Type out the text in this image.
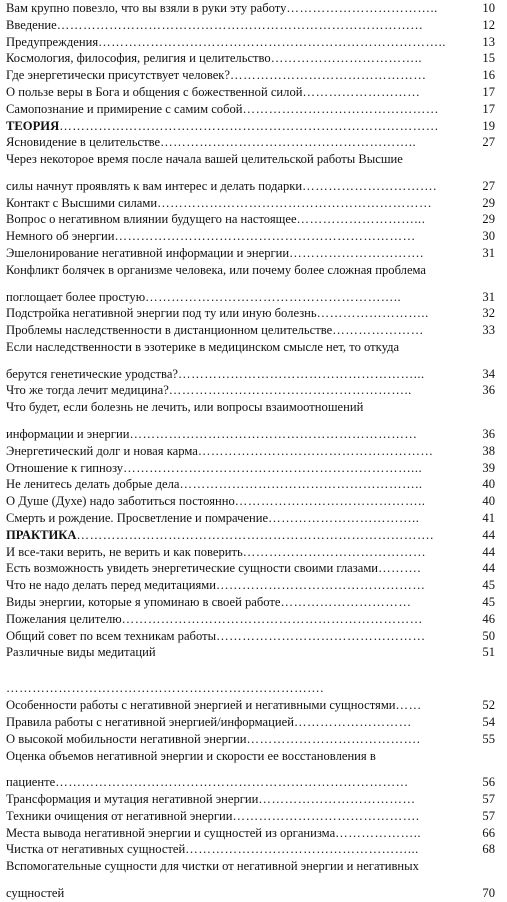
Вам крупно повезло, что вы взяли в руки эту работу ……………………………..	10
Введение …………………………………………………………………………	12
Предупреждения ……………………………………………………………………..	13
Космология, философия, религия и целительство ……………………………..	15
Где энергетически присутствует человек? ………………………………………	16
О пользе веры в Бога и общения с божественной силой ………………………	17
Самопознание и примирение с самим собой ………………………………………	17
ТЕОРИЯ ……………………………………………………………………………	19
Ясновидение в целительстве …………………………………………………..	27
Через некоторое время после начала вашей целительской работы Высшие
силы начнут проявлять к вам интерес и делать подарки ………………………….	27
Контакт с Высшими силами ………………………………………………………	29
Вопрос о негативном влиянии будущего на настоящее ………………………...	29
Немного об энергии ……………………………………………………………	30
Эшелонирование негативной информации и энергии ………………………….	31
Конфликт болячек в организме человека, или почему более сложная проблема
поглощает более простую …………………………………………………..	31
Подстройка негативной энергии под ту или иную болезнь ……………………..	32
Проблемы наследственности в дистанционном целительстве …………………	33
Если наследственности в эзотерике в медицинском смысле нет, то откуда
берутся генетические уродства? ………………………………………………...	34
Что же тогда лечит медицина? ………………………………………………..	36
Что будет, если болезнь не лечить, или вопросы взаимоотношений
информации и энергии …………………………………………………………	36
Энергетический долг и новая карма ………………………………………………	38
Отношение к гипнозу …………………………………………………………...	39
Не ленитесь делать добрые дела ………………………………………………..	40
О Душе (Духе) надо заботиться постоянно ……………………………………..	40
Смерть и рождение. Просветление и помрачение ……………………………..	41
ПРАКТИКА ……………………………………………………………………….	44
И все-таки верить, не верить и как поверить ……………………………………	44
Есть возможность увидеть энергетические сущности своими глазами ……….	44
Что не надо делать перед медитациями …………………………………………	45
Виды энергии, которые я упоминаю в своей работе …………………………	45
Пожелания целителю ……………………………………………………………	46
Общий совет по всем техникам работы …………………………………………	50
Различные виды медитаций	51
……………………………………………………………….
Особенности работы с негативной энергией и негативными сущностями ……	52
Правила работы с негативной энергией/информацией ………………………	54
О высокой мобильности негативной энергии ………………………………….	55
Оценка объемов негативной энергии и скорости ее восстановления в
пациенте ………………………………………………………………………	56
Трансформация и мутация негативной энергии ………………………………	57
Техники очищения от негативной энергии …………………………………….	57
Места вывода негативной энергии и сущностей из организма ………………..	66
Чистка от негативных сущностей ……………………………………………...	68
Вспомогательные сущности для чистки от негативной энергии и негативных
сущностей	70
